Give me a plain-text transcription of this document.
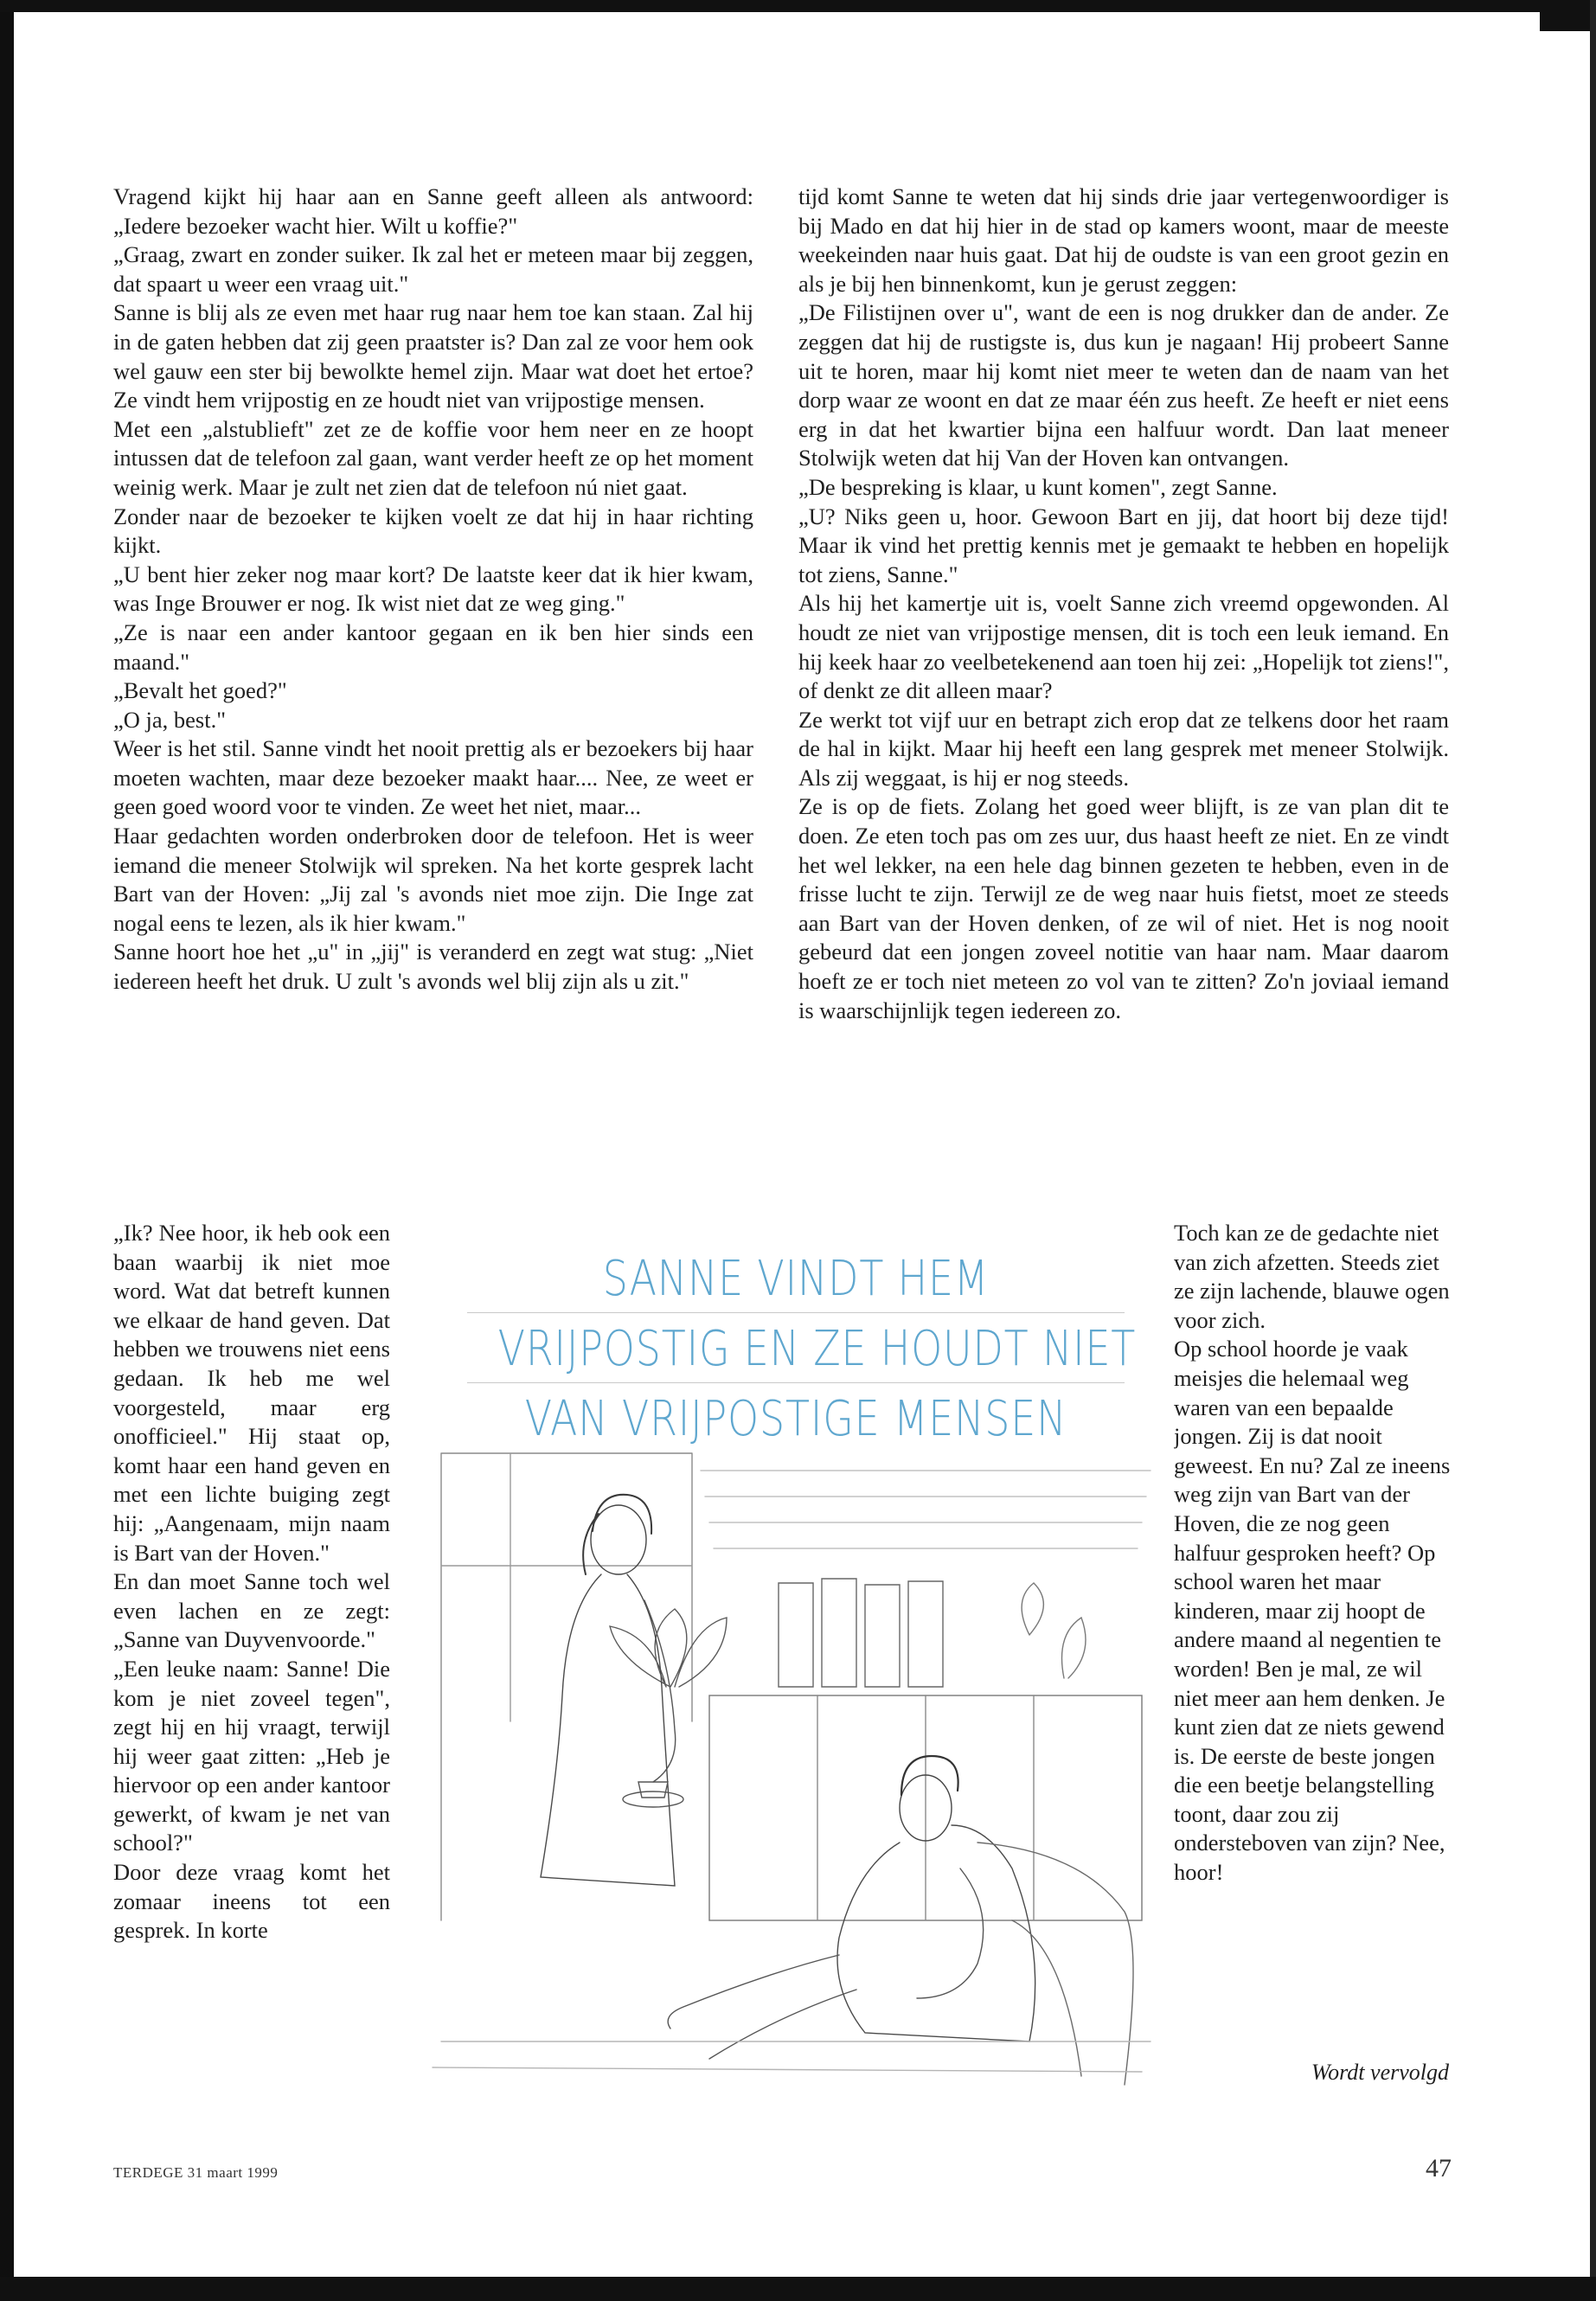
Vragend kijkt hij haar aan en Sanne geeft alleen als antwoord: „Iedere bezoeker wacht hier. Wilt u koffie?"

„Graag, zwart en zonder suiker. Ik zal het er meteen maar bij zeggen, dat spaart u weer een vraag uit."

Sanne is blij als ze even met haar rug naar hem toe kan staan. Zal hij in de gaten hebben dat zij geen praatster is? Dan zal ze voor hem ook wel gauw een ster bij bewolkte hemel zijn. Maar wat doet het ertoe? Ze vindt hem vrijpostig en ze houdt niet van vrijpostige mensen.

Met een „alstublieft" zet ze de koffie voor hem neer en ze hoopt intussen dat de telefoon zal gaan, want verder heeft ze op het moment weinig werk. Maar je zult net zien dat de telefoon nú niet gaat.

Zonder naar de bezoeker te kijken voelt ze dat hij in haar richting kijkt.

„U bent hier zeker nog maar kort? De laatste keer dat ik hier kwam, was Inge Brouwer er nog. Ik wist niet dat ze weg ging."

„Ze is naar een ander kantoor gegaan en ik ben hier sinds een maand."

„Bevalt het goed?"

„O ja, best."

Weer is het stil. Sanne vindt het nooit prettig als er bezoekers bij haar moeten wachten, maar deze bezoeker maakt haar.... Nee, ze weet er geen goed woord voor te vinden. Ze weet het niet, maar...

Haar gedachten worden onderbroken door de telefoon. Het is weer iemand die meneer Stolwijk wil spreken. Na het korte gesprek lacht Bart van der Hoven: „Jij zal 's avonds niet moe zijn. Die Inge zat nogal eens te lezen, als ik hier kwam."

Sanne hoort hoe het „u" in „jij" is veranderd en zegt wat stug: „Niet iedereen heeft het druk. U zult 's avonds wel blij zijn als u zit."

„Ik? Nee hoor, ik heb ook een baan waarbij ik niet moe word. Wat dat betreft kunnen we elkaar de hand geven. Dat hebben we trouwens niet eens gedaan. Ik heb me wel voorgesteld, maar erg onofficieel." Hij staat op, komt haar een hand geven en met een lichte buiging zegt hij: „Aangenaam, mijn naam is Bart van der Hoven."

En dan moet Sanne toch wel even lachen en ze zegt: „Sanne van Duyvenvoorde."

„Een leuke naam: Sanne! Die kom je niet zoveel tegen", zegt hij en hij vraagt, terwijl hij weer gaat zitten: „Heb je hiervoor op een ander kantoor gewerkt, of kwam je net van school?"

Door deze vraag komt het zomaar ineens tot een gesprek. In korte

tijd komt Sanne te weten dat hij sinds drie jaar vertegenwoordiger is bij Mado en dat hij hier in de stad op kamers woont, maar de meeste weekeinden naar huis gaat. Dat hij de oudste is van een groot gezin en als je bij hen binnenkomt, kun je gerust zeggen:

„De Filistijnen over u", want de een is nog drukker dan de ander. Ze zeggen dat hij de rustigste is, dus kun je nagaan! Hij probeert Sanne uit te horen, maar hij komt niet meer te weten dan de naam van het dorp waar ze woont en dat ze maar één zus heeft. Ze heeft er niet eens erg in dat het kwartier bijna een halfuur wordt. Dan laat meneer Stolwijk weten dat hij Van der Hoven kan ontvangen.

„De bespreking is klaar, u kunt komen", zegt Sanne.

„U? Niks geen u, hoor. Gewoon Bart en jij, dat hoort bij deze tijd! Maar ik vind het prettig kennis met je gemaakt te hebben en hopelijk tot ziens, Sanne."

Als hij het kamertje uit is, voelt Sanne zich vreemd opgewonden. Al houdt ze niet van vrijpostige mensen, dit is toch een leuk iemand. En hij keek haar zo veelbetekenend aan toen hij zei: „Hopelijk tot ziens!", of denkt ze dit alleen maar?

Ze werkt tot vijf uur en betrapt zich erop dat ze telkens door het raam de hal in kijkt. Maar hij heeft een lang gesprek met meneer Stolwijk. Als zij weggaat, is hij er nog steeds.

Ze is op de fiets. Zolang het goed weer blijft, is ze van plan dit te doen. Ze eten toch pas om zes uur, dus haast heeft ze niet. En ze vindt het wel lekker, na een hele dag binnen gezeten te hebben, even in de frisse lucht te zijn. Terwijl ze de weg naar huis fietst, moet ze steeds aan Bart van der Hoven denken, of ze wil of niet. Het is nog nooit gebeurd dat een jongen zoveel notitie van haar nam. Maar daarom hoeft ze er toch niet meteen zo vol van te zitten? Zo'n joviaal iemand is waarschijnlijk tegen iedereen zo.

Toch kan ze de gedachte niet van zich afzetten. Steeds ziet ze zijn lachende, blauwe ogen voor zich.

Op school hoorde je vaak meisjes die helemaal weg waren van een bepaalde jongen. Zij is dat nooit geweest. En nu? Zal ze ineens weg zijn van Bart van der Hoven, die ze nog geen halfuur gesproken heeft? Op school waren het maar kinderen, maar zij hoopt de andere maand al negentien te worden! Ben je mal, ze wil niet meer aan hem denken. Je kunt zien dat ze niets gewend is. De eerste de beste jongen die een beetje belangstelling toont, daar zou zij ondersteboven van zijn? Nee, hoor!

SANNE VINDT HEM
VRIJPOSTIG EN ZE HOUDT NIET
VAN VRIJPOSTIGE MENSEN
Wordt vervolgd
TERDEGE 31 maart 1999	47
